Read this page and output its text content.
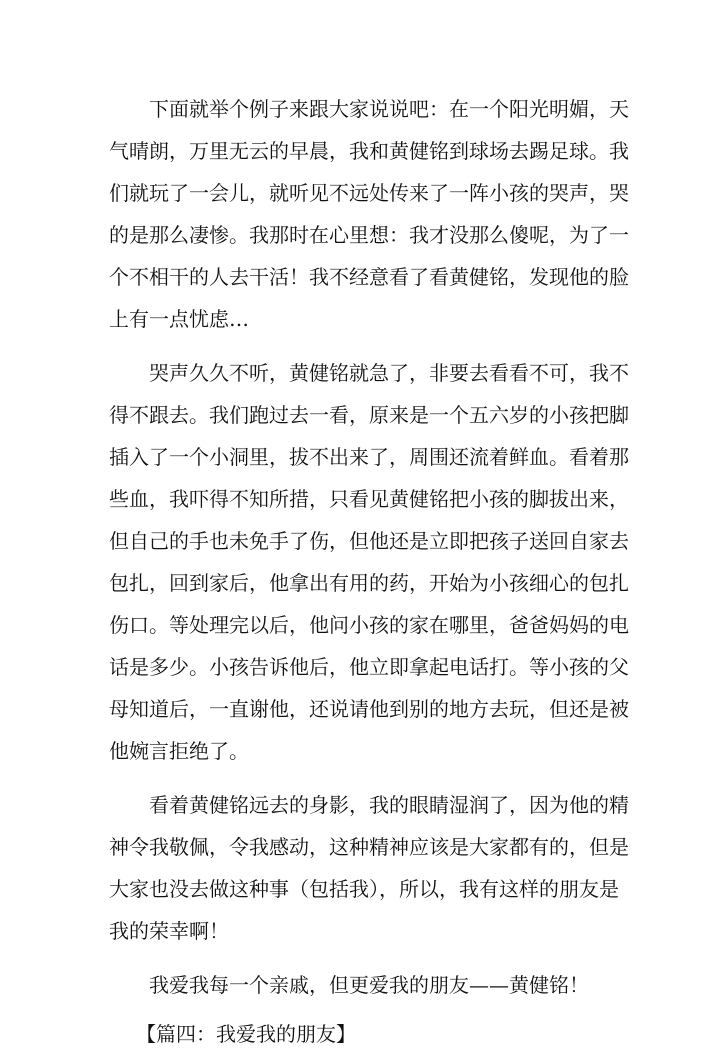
下面就举个例子来跟大家说说吧：在一个阳光明媚，天
气晴朗，万里无云的早晨，我和黄健铭到球场去踢足球。我
们就玩了一会儿，就听见不远处传来了一阵小孩的哭声，哭
的是那么凄惨。我那时在心里想：我才没那么傻呢，为了一
个不相干的人去干活！我不经意看了看黄健铭，发现他的脸
上有一点忧虑…
哭声久久不听，黄健铭就急了，非要去看看不可，我不
得不跟去。我们跑过去一看，原来是一个五六岁的小孩把脚
插入了一个小洞里，拔不出来了，周围还流着鲜血。看着那
些血，我吓得不知所措，只看见黄健铭把小孩的脚拔出来，
但自己的手也未免手了伤，但他还是立即把孩子送回自家去
包扎，回到家后，他拿出有用的药，开始为小孩细心的包扎
伤口。等处理完以后，他问小孩的家在哪里，爸爸妈妈的电
话是多少。小孩告诉他后，他立即拿起电话打。等小孩的父
母知道后，一直谢他，还说请他到别的地方去玩，但还是被
他婉言拒绝了。
看着黄健铭远去的身影，我的眼睛湿润了，因为他的精
神令我敬佩，令我感动，这种精神应该是大家都有的，但是
大家也没去做这种事（包括我），所以，我有这样的朋友是
我的荣幸啊！
我爱我每一个亲戚，但更爱我的朋友——黄健铭！
【篇四：我爱我的朋友】
